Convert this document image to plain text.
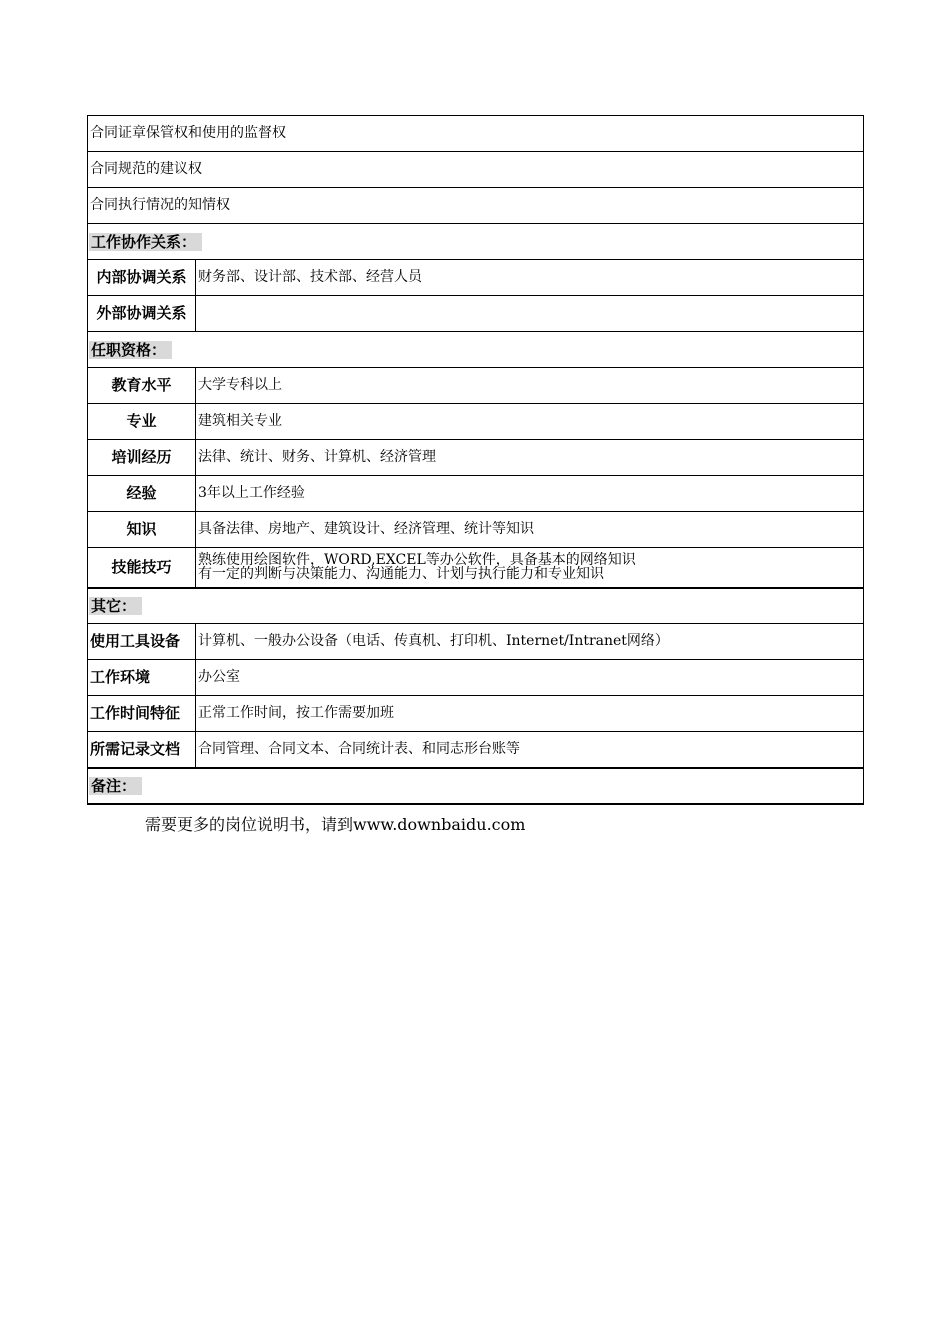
合同证章保管权和使用的监督权	
合同规范的建议权	
合同执行情况的知情权	
工作协作关系：	
内部协调关系	财务部、设计部、技术部、经营人员
外部协调关系	
任职资格：	
教育水平	大学专科以上
专业	建筑相关专业
培训经历	法律、统计、财务、计算机、经济管理
经验	3年以上工作经验
知识	具备法律、房地产、建筑设计、经济管理、统计等知识
技能技巧	熟练使用绘图软件，WORD,EXCEL等办公软件，具备基本的网络知识
有一定的判断与决策能力、沟通能力、计划与执行能力和专业知识

其它：	
使用工具设备	计算机、一般办公设备（电话、传真机、打印机、Internet/Intranet网络）
工作环境	办公室
工作时间特征	正常工作时间，按工作需要加班
所需记录文档	合同管理、合同文本、合同统计表、和同志形台账等
备注：	
需要更多的岗位说明书，请到www.downbaidu.com
